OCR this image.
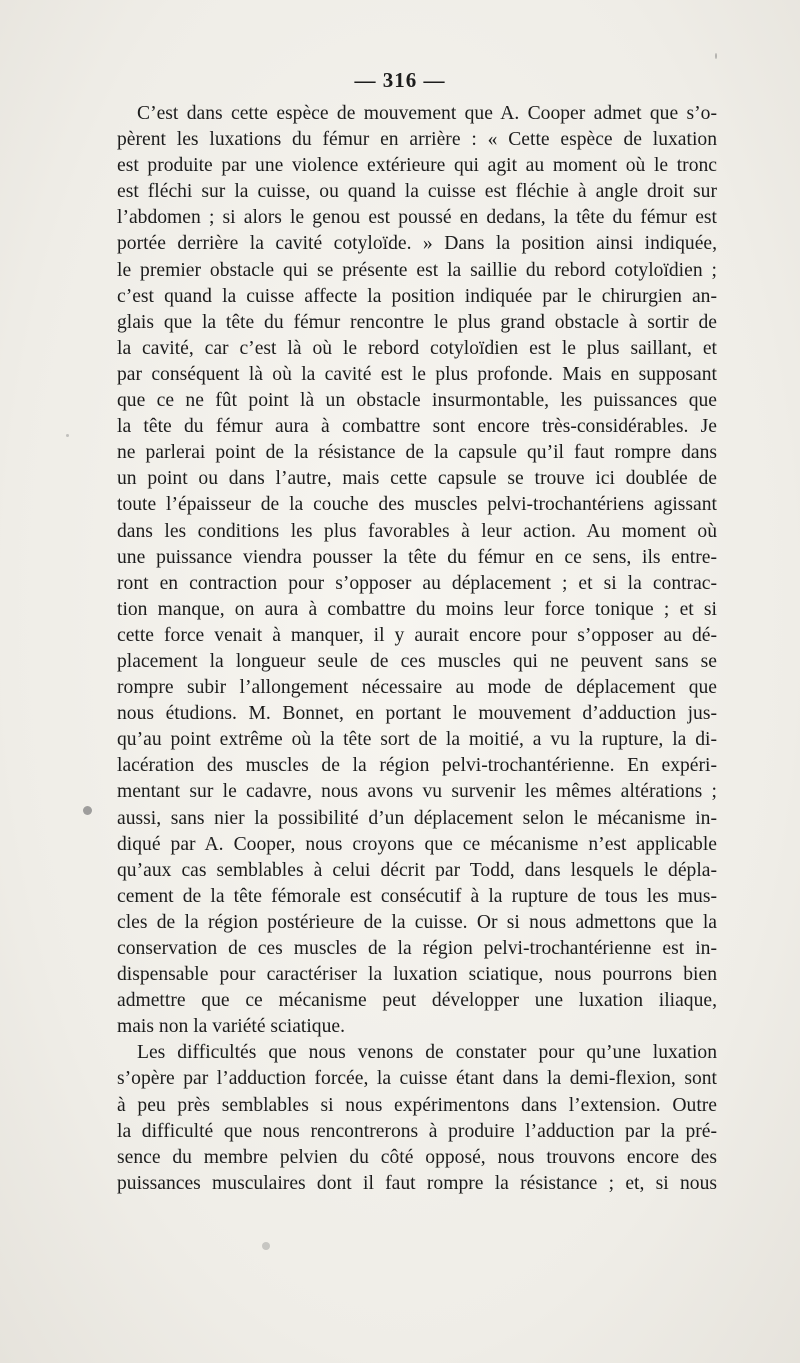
— 316 —

C’est dans cette espèce de mouvement que A. Cooper admet que s’o-
pèrent les luxations du fémur en arrière : « Cette espèce de luxation
est produite par une violence extérieure qui agit au moment où le tronc
est fléchi sur la cuisse, ou quand la cuisse est fléchie à angle droit sur
l’abdomen ; si alors le genou est poussé en dedans, la tête du fémur est
portée derrière la cavité cotyloïde. » Dans la position ainsi indiquée,
le premier obstacle qui se présente est la saillie du rebord cotyloïdien ;
c’est quand la cuisse affecte la position indiquée par le chirurgien an-
glais que la tête du fémur rencontre le plus grand obstacle à sortir de
la cavité, car c’est là où le rebord cotyloïdien est le plus saillant, et
par conséquent là où la cavité est le plus profonde. Mais en supposant
que ce ne fût point là un obstacle insurmontable, les puissances que
la tête du fémur aura à combattre sont encore très-considérables. Je
ne parlerai point de la résistance de la capsule qu’il faut rompre dans
un point ou dans l’autre, mais cette capsule se trouve ici doublée de
toute l’épaisseur de la couche des muscles pelvi-trochantériens agissant
dans les conditions les plus favorables à leur action. Au moment où
une puissance viendra pousser la tête du fémur en ce sens, ils entre-
ront en contraction pour s’opposer au déplacement ; et si la contrac-
tion manque, on aura à combattre du moins leur force tonique ; et si
cette force venait à manquer, il y aurait encore pour s’opposer au dé-
placement la longueur seule de ces muscles qui ne peuvent sans se
rompre subir l’allongement nécessaire au mode de déplacement que
nous étudions. M. Bonnet, en portant le mouvement d’adduction jus-
qu’au point extrême où la tête sort de la moitié, a vu la rupture, la di-
lacération des muscles de la région pelvi-trochantérienne. En expéri-
mentant sur le cadavre, nous avons vu survenir les mêmes altérations ;
aussi, sans nier la possibilité d’un déplacement selon le mécanisme in-
diqué par A. Cooper, nous croyons que ce mécanisme n’est applicable
qu’aux cas semblables à celui décrit par Todd, dans lesquels le dépla-
cement de la tête fémorale est consécutif à la rupture de tous les mus-
cles de la région postérieure de la cuisse. Or si nous admettons que la
conservation de ces muscles de la région pelvi-trochantérienne est in-
dispensable pour caractériser la luxation sciatique, nous pourrons bien
admettre que ce mécanisme peut développer une luxation iliaque,
mais non la variété sciatique.

Les difficultés que nous venons de constater pour qu’une luxation
s’opère par l’adduction forcée, la cuisse étant dans la demi-flexion, sont
à peu près semblables si nous expérimentons dans l’extension. Outre
la difficulté que nous rencontrerons à produire l’adduction par la pré-
sence du membre pelvien du côté opposé, nous trouvons encore des
puissances musculaires dont il faut rompre la résistance ; et, si nous
